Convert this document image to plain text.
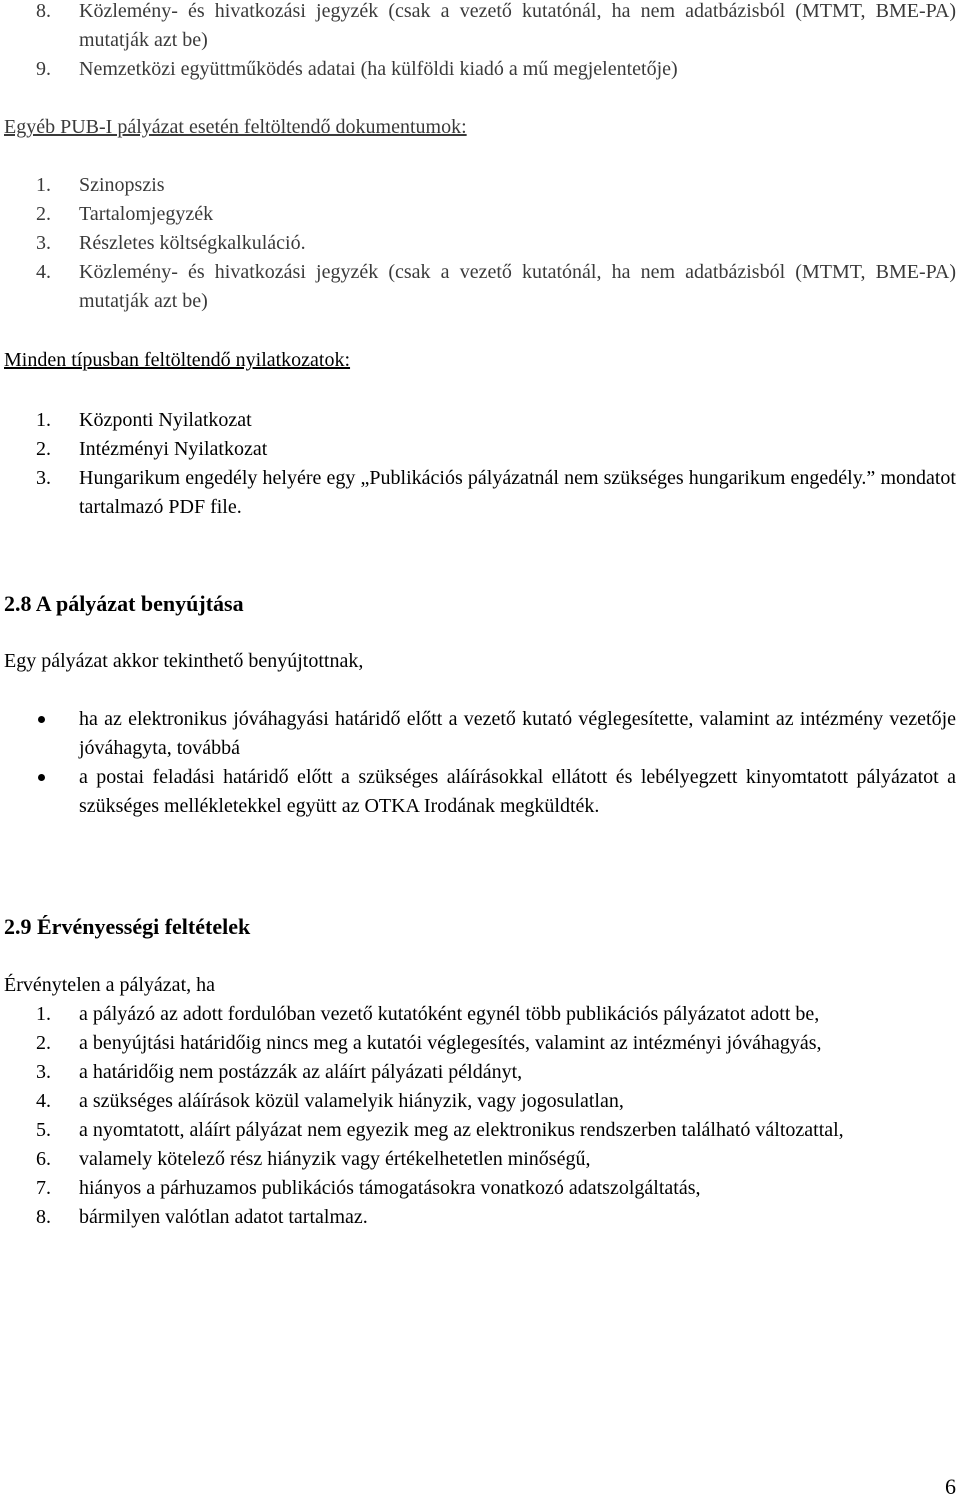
8. Közlemény- és hivatkozási jegyzék (csak a vezető kutatónál, ha nem adatbázisból (MTMT, BME-PA) mutatják azt be)
9. Nemzetközi együttműködés adatai (ha külföldi kiadó a mű megjelentetője)
Egyéb PUB-I pályázat esetén feltöltendő dokumentumok:
1. Szinopszis
2. Tartalomjegyzék
3. Részletes költségkalkuláció.
4. Közlemény- és hivatkozási jegyzék (csak a vezető kutatónál, ha nem adatbázisból (MTMT, BME-PA) mutatják azt be)
Minden típusban feltöltendő nyilatkozatok:
1. Központi Nyilatkozat
2. Intézményi Nyilatkozat
3. Hungarikum engedély helyére egy „Publikációs pályázatnál nem szükséges hungarikum engedély.” mondatot tartalmazó PDF file.
2.8 A pályázat benyújtása
Egy pályázat akkor tekinthető benyújtottnak,
ha az elektronikus jóváhagyási határidő előtt a vezető kutató véglegesítette, valamint az intézmény vezetője jóváhagyta, továbbá
a postai feladási határidő előtt a szükséges aláírásokkal ellátott és lebélyegzett kinyomtatott pályázatot a szükséges mellékletekkel együtt az OTKA Irodának megküldték.
2.9 Érvényességi feltételek
Érvénytelen a pályázat, ha
1. a pályázó az adott fordulóban vezető kutatóként egynél több publikációs pályázatot adott be,
2. a benyújtási határidőig nincs meg a kutatói véglegesítés, valamint az intézményi jóváhagyás,
3. a határidőig nem postázzák az aláírt pályázati példányt,
4. a szükséges aláírások közül valamelyik hiányzik, vagy jogosulatlan,
5. a nyomtatott, aláírt pályázat nem egyezik meg az elektronikus rendszerben található változattal,
6. valamely kötelező rész hiányzik vagy értékelhetetlen minőségű,
7. hiányos a párhuzamos publikációs támogatásokra vonatkozó adatszolgáltatás,
8. bármilyen valótlan adatot tartalmaz.
6
